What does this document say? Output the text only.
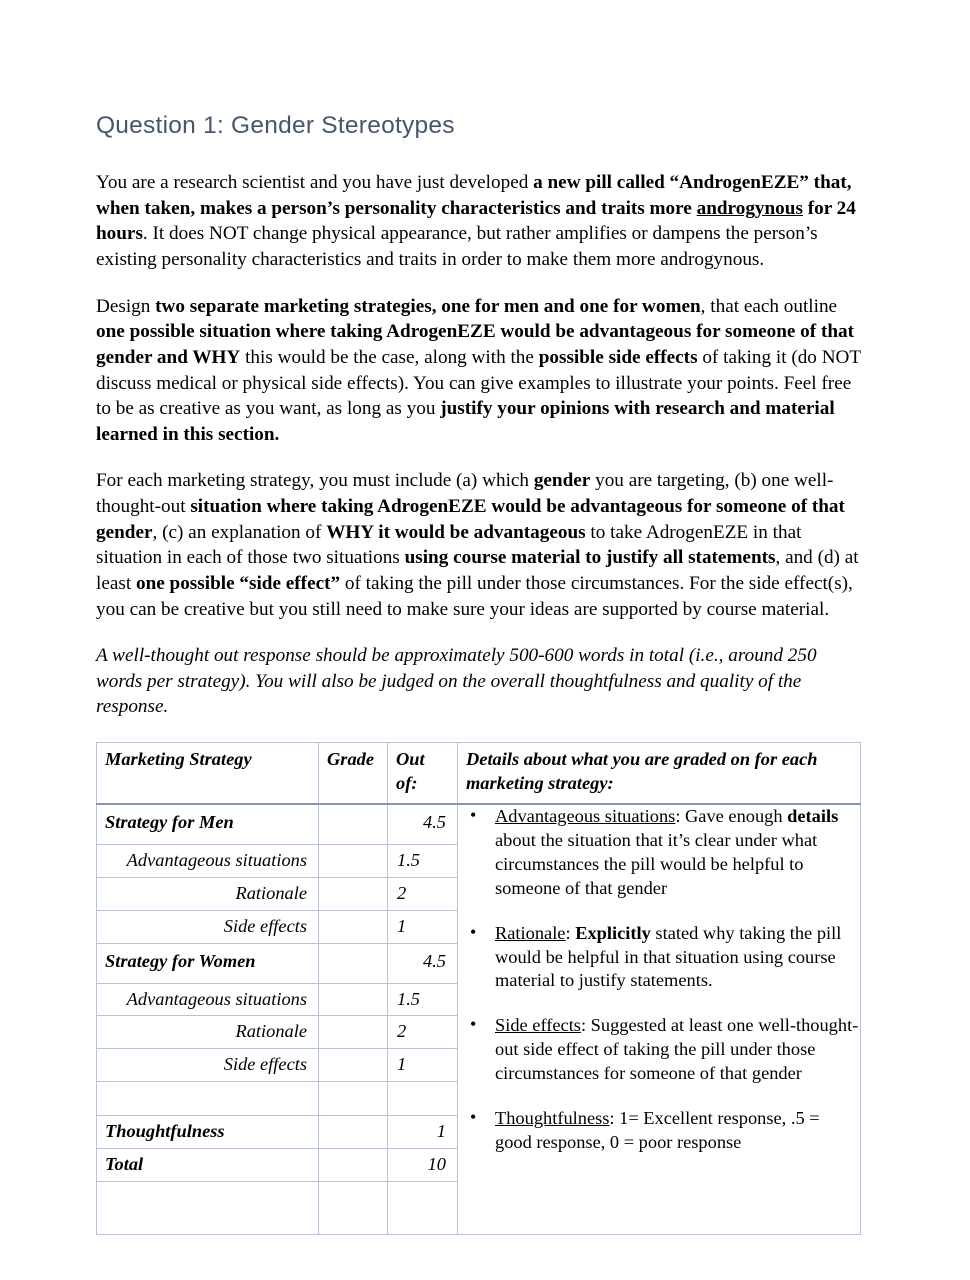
Question 1: Gender Stereotypes

You are a research scientist and you have just developed a new pill called “AndrogenEZE” that, when taken, makes a person’s personality characteristics and traits more androgynous for 24 hours. It does NOT change physical appearance, but rather amplifies or dampens the person’s existing personality characteristics and traits in order to make them more androgynous.

Design two separate marketing strategies, one for men and one for women, that each outline one possible situation where taking AdrogenEZE would be advantageous for someone of that gender and WHY this would be the case, along with the possible side effects of taking it (do NOT discuss medical or physical side effects). You can give examples to illustrate your points. Feel free to be as creative as you want, as long as you justify your opinions with research and material learned in this section.

For each marketing strategy, you must include (a) which gender you are targeting, (b) one well-thought-out situation where taking AdrogenEZE would be advantageous for someone of that gender, (c) an explanation of WHY it would be advantageous to take AdrogenEZE in that situation in each of those two situations using course material to justify all statements, and (d) at least one possible “side effect” of taking the pill under those circumstances. For the side effect(s), you can be creative but you still need to make sure your ideas are supported by course material.

A well-thought out response should be approximately 500-600 words in total (i.e., around 250 words per strategy). You will also be judged on the overall thoughtfulness and quality of the response.

Marketing Strategy	Grade	Out of:	Details about what you are graded on for each marketing strategy:

Strategy for Men		4.5

•Advantageous situations: Gave enough details about the situation that it’s clear under what circumstances the pill would be helpful to someone of that gender
• Rationale: Explicitly stated why taking the pill would be helpful in that situation using course material to justify statements.
• Side effects: Suggested at least one well-thought-out side effect of taking the pill under those circumstances for someone of that gender
• Thoughtfulness: 1= Excellent response, .5 = good response, 0 = poor response

Advantageous situations		1.5	

Rationale		2	

Side effects		1	

Strategy for Women		4.5	

Advantageous situations		1.5	

Rationale		2	

Side effects		1	

Thoughtfulness		1	

Total		10	
